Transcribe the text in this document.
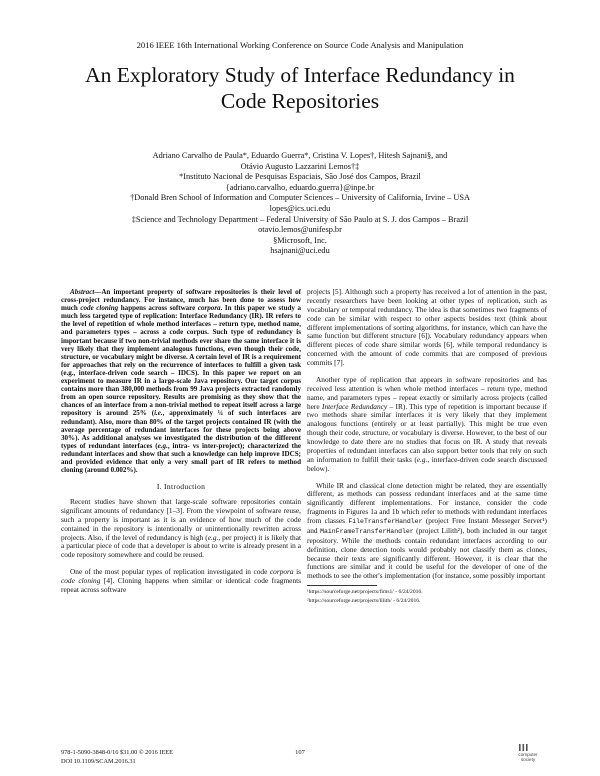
2016 IEEE 16th International Working Conference on Source Code Analysis and Manipulation
An Exploratory Study of Interface Redundancy in
Code Repositories
Adriano Carvalho de Paula*, Eduardo Guerra*, Cristina V. Lopes†, Hitesh Sajnani§, and
Otávio Augusto Lazzarini Lemos†‡
*Instituto Nacional de Pesquisas Espaciais, São José dos Campos, Brazil
{adriano.carvalho, eduardo.guerra}@inpe.br
†Donald Bren School of Information and Computer Sciences – University of California, Irvine – USA
lopes@ics.uci.edu
‡Science and Technology Department – Federal University of São Paulo at S. J. dos Campos – Brazil
otavio.lemos@unifesp.br
§Microsoft, Inc.
hsajnani@uci.edu

Abstract—An important property of software repositories is their level of cross-project redundancy. For instance, much has been done to assess how much code cloning happens across software corpora. In this paper we study a much less targeted type of replication: Interface Redundancy (IR). IR refers to the level of repetition of whole method interfaces – return type, method name, and parameters types – across a code corpus. Such type of redundancy is important because if two non-trivial methods ever share the same interface it is very likely that they implement analogous functions, even though their code, structure, or vocabulary might be diverse. A certain level of IR is a requirement for approaches that rely on the recurrence of interfaces to fulfill a given task (e.g., interface-driven code search – IDCS). In this paper we report on an experiment to measure IR in a large-scale Java repository. Our target corpus contains more than 380,000 methods from 99 Java projects extracted randomly from an open source repository. Results are promising as they show that the chances of an interface from a non-trivial method to repeat itself across a large repository is around 25% (i.e., approximately ¼ of such interfaces are redundant). Also, more than 80% of the target projects contained IR (with the average percentage of redundant interfaces for these projects being above 30%). As additional analyses we investigated the distribution of the different types of redundant interfaces (e.g., intra- vs inter-project); characterized the redundant interfaces and show that such a knowledge can help improve IDCS; and provided evidence that only a very small part of IR refers to method cloning (around 0.002%).

I. Introduction

Recent studies have shown that large-scale software repositories contain significant amounts of redundancy [1–3]. From the viewpoint of software reuse, such a property is important as it is an evidence of how much of the code contained in the repository is intentionally or unintentionally rewritten across projects. Also, if the level of redundancy is high (e.g., per project) it is likely that a particular piece of code that a developer is about to write is already present in a code repository somewhere and could be reused.

One of the most popular types of replication investigated in code corpora is code cloning [4]. Cloning happens when similar or identical code fragments repeat across software

projects [5]. Although such a property has received a lot of attention in the past, recently researchers have been looking at other types of replication, such as vocabulary or temporal redundancy. The idea is that sometimes two fragments of code can be similar with respect to other aspects besides text (think about different implementations of sorting algorithms, for instance, which can have the same function but different structure [6]). Vocabulary redundancy appears when different pieces of code share similar words [6], while temporal redundancy is concerned with the amount of code commits that are composed of previous commits [7].

Another type of replication that appears in software repositories and has received less attention is when whole method interfaces – return type, method name, and parameters types – repeat exactly or similarly across projects (called here Interface Redundancy – IR). This type of repetition is important because if two methods share similar interfaces it is very likely that they implement analogous functions (entirely or at least partially). This might be true even though their code, structure, or vocabulary is diverse. However, to the best of our knowledge to date there are no studies that focus on IR. A study that reveals properties of redundant interfaces can also support better tools that rely on such an information to fulfill their tasks (e.g., interface-driven code search discussed below).

While IR and classical clone detection might be related, they are essentially different, as methods can possess redundant interfaces and at the same time significantly different implementations. For instance, consider the code fragments in Figures 1a and 1b which refer to methods with redundant interfaces from classes FileTransferHandler (project Free Instant Messeger Server¹) and MainFrameTransferHandler (project Lilith²), both included in our target repository. While the methods contain redundant interfaces according to our definition, clone detection tools would probably not classify them as clones, because their texts are significantly different. However, it is clear that the functions are similar and it could be useful for the developer of one of the methods to see the other's implementation (for instance, some possibly important

¹https://sourceforge.net/projects/fims1/ - 6/24/2016.
²https://sourceforge.net/projects/lilith/ - 6/24/2016.
978-1-5090-3848-0/16 $31.00 © 2016 IEEE
DOI 10.1109/SCAM.2016.31
107	computer
society
